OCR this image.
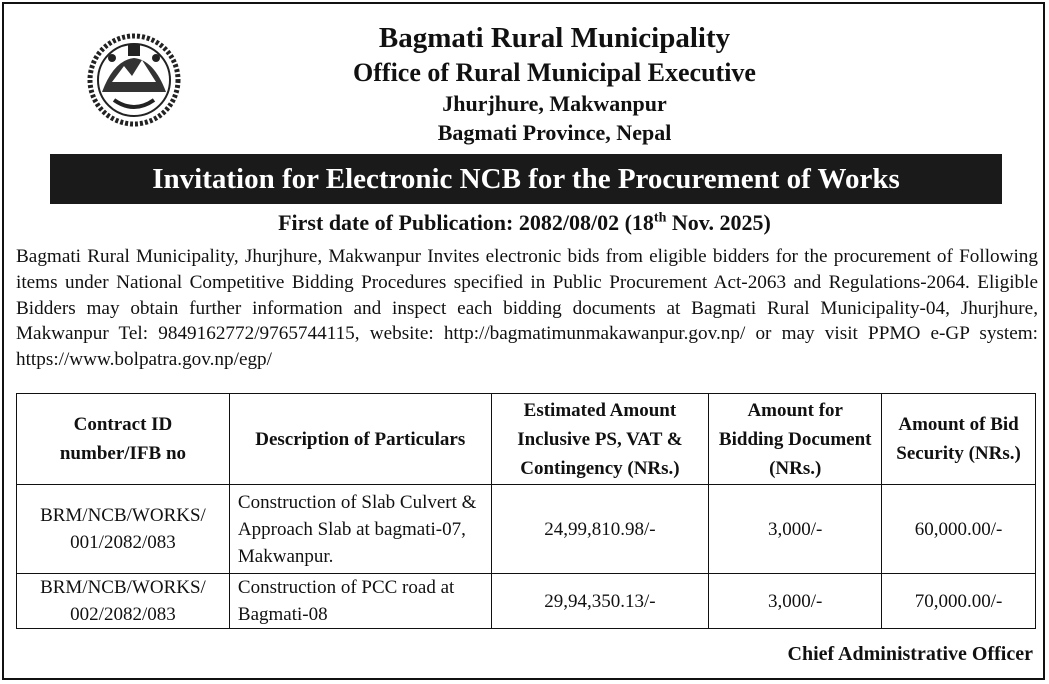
Bagmati Rural Municipality
Office of Rural Municipal Executive
Jhurjhure, Makwanpur
Bagmati Province, Nepal
Invitation for Electronic NCB for the Procurement of Works
First date of Publication: 2082/08/02 (18th Nov. 2025)
Bagmati Rural Municipality, Jhurjhure, Makwanpur Invites electronic bids from eligible bidders for the procurement of Following items under National Competitive Bidding Procedures specified in Public Procurement Act-2063 and Regulations-2064. Eligible Bidders may obtain further information and inspect each bidding documents at Bagmati Rural Municipality-04, Jhurjhure, Makwanpur Tel: 9849162772/9765744115, website: http://bagmatimunmakawanpur.gov.np/ or may visit PPMO e-GP system: https://www.bolpatra.gov.np/egp/
Contract ID number/IFB no	Description of Particulars	Estimated Amount Inclusive PS, VAT & Contingency (NRs.)	Amount for Bidding Document (NRs.)	Amount of Bid Security (NRs.)
BRM/NCB/WORKS/ 001/2082/083	Construction of Slab Culvert & Approach Slab at bagmati-07, Makwanpur.	24,99,810.98/-	3,000/-	60,000.00/-
BRM/NCB/WORKS/ 002/2082/083	Construction of PCC road at Bagmati-08	29,94,350.13/-	3,000/-	70,000.00/-
Chief Administrative Officer
